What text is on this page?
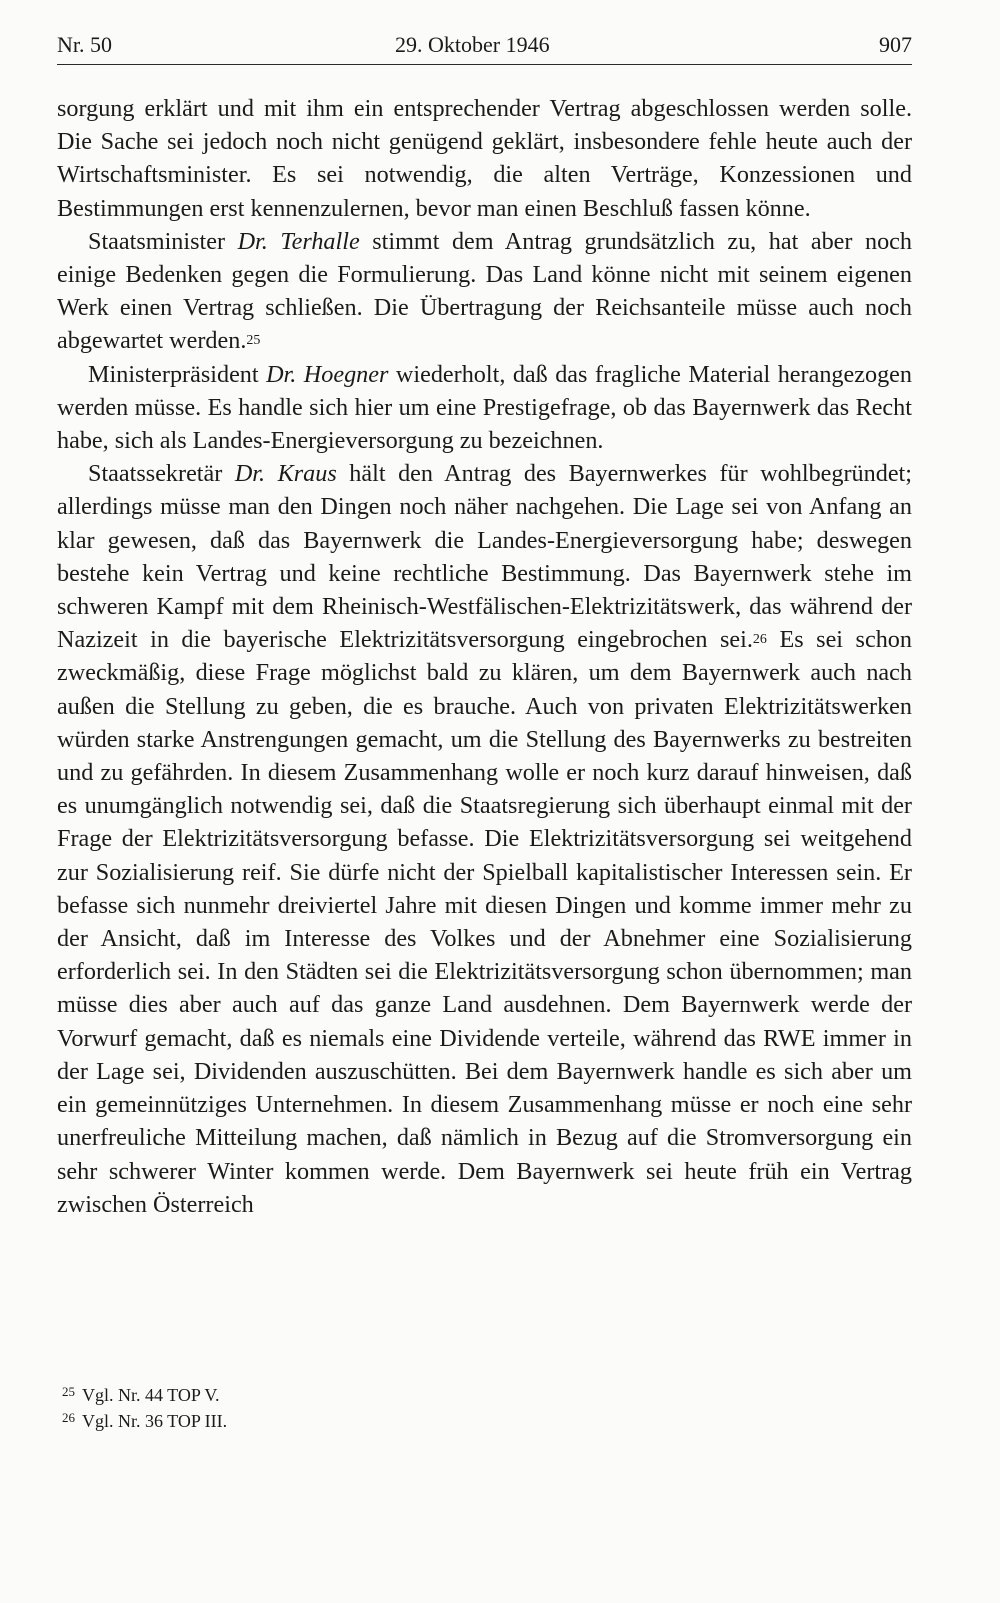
Nr. 50	29. Oktober 1946	907

sorgung erklärt und mit ihm ein entsprechender Vertrag abgeschlossen werden solle. Die Sache sei jedoch noch nicht genügend geklärt, insbesondere fehle heute auch der Wirtschaftsminister. Es sei notwendig, die alten Verträge, Konzessionen und Bestimmungen erst kennenzulernen, bevor man einen Beschluß fassen könne.

Staatsminister Dr. Terhalle stimmt dem Antrag grundsätzlich zu, hat aber noch einige Bedenken gegen die Formulierung. Das Land könne nicht mit seinem eigenen Werk einen Vertrag schließen. Die Übertragung der Reichsanteile müsse auch noch abgewartet werden.$^{25}$

Ministerpräsident Dr. Hoegner wiederholt, daß das fragliche Material herangezogen werden müsse. Es handle sich hier um eine Prestigefrage, ob das Bayernwerk das Recht habe, sich als Landes-Energieversorgung zu bezeichnen.

Staatssekretär Dr. Kraus hält den Antrag des Bayernwerkes für wohlbegründet; allerdings müsse man den Dingen noch näher nachgehen. Die Lage sei von Anfang an klar gewesen, daß das Bayernwerk die Landes-Energieversorgung habe; deswegen bestehe kein Vertrag und keine rechtliche Bestimmung. Das Bayernwerk stehe im schweren Kampf mit dem Rheinisch-Westfälischen-Elektrizitätswerk, das während der Nazizeit in die bayerische Elektrizitätsversorgung eingebrochen sei.$^{26}$ Es sei schon zweckmäßig, diese Frage möglichst bald zu klären, um dem Bayernwerk auch nach außen die Stellung zu geben, die es brauche. Auch von privaten Elektrizitätswerken würden starke Anstrengungen gemacht, um die Stellung des Bayernwerks zu bestreiten und zu gefährden. In diesem Zusammenhang wolle er noch kurz darauf hinweisen, daß es unumgänglich notwendig sei, daß die Staatsregierung sich überhaupt einmal mit der Frage der Elektrizitätsversorgung befasse. Die Elektrizitätsversorgung sei weitgehend zur Sozialisierung reif. Sie dürfe nicht der Spielball kapitalistischer Interessen sein. Er befasse sich nunmehr dreiviertel Jahre mit diesen Dingen und komme immer mehr zu der Ansicht, daß im Interesse des Volkes und der Abnehmer eine Sozialisierung erforderlich sei. In den Städten sei die Elektrizitätsversorgung schon übernommen; man müsse dies aber auch auf das ganze Land ausdehnen. Dem Bayernwerk werde der Vorwurf gemacht, daß es niemals eine Dividende verteile, während das RWE immer in der Lage sei, Dividenden auszuschütten. Bei dem Bayernwerk handle es sich aber um ein gemeinnütziges Unternehmen. In diesem Zusammenhang müsse er noch eine sehr unerfreuliche Mitteilung machen, daß nämlich in Bezug auf die Stromversorgung ein sehr schwerer Winter kommen werde. Dem Bayernwerk sei heute früh ein Vertrag zwischen Österreich

$^{25}$ Vgl. Nr. 44 TOP V.
$^{26}$ Vgl. Nr. 36 TOP III.
